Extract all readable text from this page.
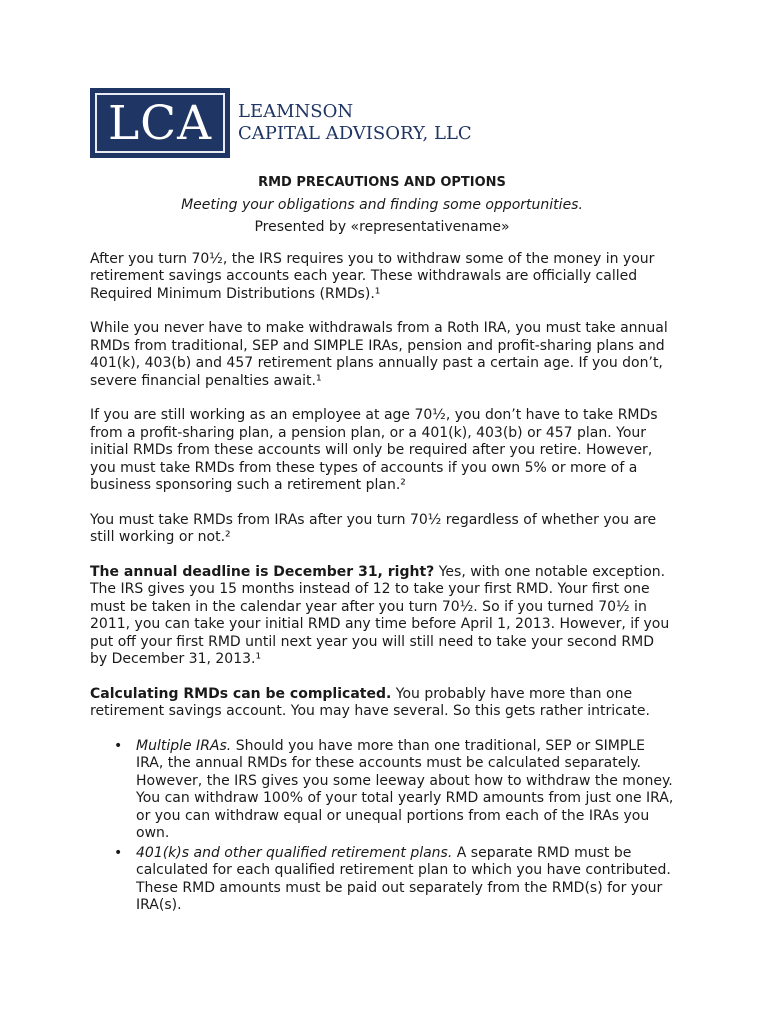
LCA LEAMNSON
CAPITAL ADVISORY, LLC
RMD PRECAUTIONS AND OPTIONS
Meeting your obligations and finding some opportunities.
Presented by «representativename»

After you turn 70½, the IRS requires you to withdraw some of the money in your retirement savings accounts each year. These withdrawals are officially called Required Minimum Distributions (RMDs).¹

While you never have to make withdrawals from a Roth IRA, you must take annual RMDs from traditional, SEP and SIMPLE IRAs, pension and profit-sharing plans and 401(k), 403(b) and 457 retirement plans annually past a certain age. If you don’t, severe financial penalties await.¹

If you are still working as an employee at age 70½, you don’t have to take RMDs from a profit-sharing plan, a pension plan, or a 401(k), 403(b) or 457 plan. Your initial RMDs from these accounts will only be required after you retire. However, you must take RMDs from these types of accounts if you own 5% or more of a business sponsoring such a retirement plan.²

You must take RMDs from IRAs after you turn 70½ regardless of whether you are still working or not.²

The annual deadline is December 31, right? Yes, with one notable exception. The IRS gives you 15 months instead of 12 to take your first RMD. Your first one must be taken in the calendar year after you turn 70½. So if you turned 70½ in 2011, you can take your initial RMD any time before April 1, 2013. However, if you put off your first RMD until next year you will still need to take your second RMD by December 31, 2013.¹

Calculating RMDs can be complicated. You probably have more than one retirement savings account. You may have several. So this gets rather intricate.

• Multiple IRAs. Should you have more than one traditional, SEP or SIMPLE IRA, the annual RMDs for these accounts must be calculated separately. However, the IRS gives you some leeway about how to withdraw the money. You can withdraw 100% of your total yearly RMD amounts from just one IRA, or you can withdraw equal or unequal portions from each of the IRAs you own.
• 401(k)s and other qualified retirement plans. A separate RMD must be calculated for each qualified retirement plan to which you have contributed. These RMD amounts must be paid out separately from the RMD(s) for your IRA(s).
